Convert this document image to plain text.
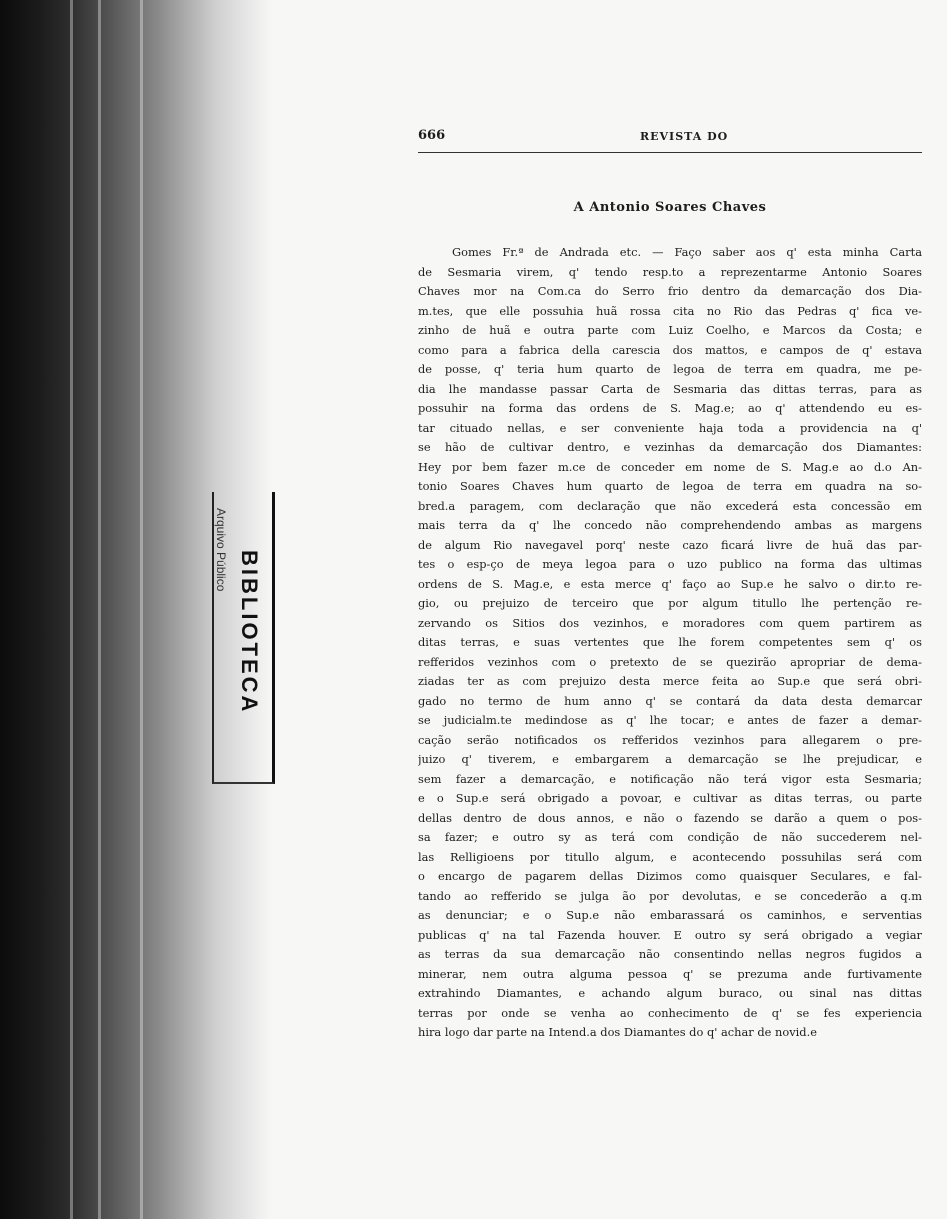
BIBLIOTECA
Arquivo Público
666	REVISTA DO
A Antonio Soares Chaves
Gomes Fr.ª de Andrada etc. — Faço saber aos q' esta minha Carta
de Sesmaria virem, q' tendo resp.to a reprezentarme Antonio Soares
Chaves mor na Com.ca do Serro frio dentro da demarcação dos Dia-
m.tes, que elle possuhia huã rossa cita no Rio das Pedras q' fica ve-
zinho de huã e outra parte com Luiz Coelho, e Marcos da Costa; e
como para a fabrica della carescia dos mattos, e campos de q' estava
de posse, q' teria hum quarto de legoa de terra em quadra, me pe-
dia lhe mandasse passar Carta de Sesmaria das dittas terras, para as
possuhir na forma das ordens de S. Mag.e; ao q' attendendo eu es-
tar cituado nellas, e ser conveniente haja toda a providencia na q'
se hão de cultivar dentro, e vezinhas da demarcação dos Diamantes:
Hey por bem fazer m.ce de conceder em nome de S. Mag.e ao d.o An-
tonio Soares Chaves hum quarto de legoa de terra em quadra na so-
bred.a paragem, com declaração que não excederá esta concessão em
mais terra da q' lhe concedo não comprehendendo ambas as margens
de algum Rio navegavel porq' neste cazo ficará livre de huã das par-
tes o esp-ço de meya legoa para o uzo publico na forma das ultimas
ordens de S. Mag.e, e esta merce q' faço ao Sup.e he salvo o dir.to re-
gio, ou prejuizo de terceiro que por algum titullo lhe pertenção re-
zervando os Sitios dos vezinhos, e moradores com quem partirem as
ditas terras, e suas vertentes que lhe forem competentes sem q' os
refferidos vezinhos com o pretexto de se quezirão apropriar de dema-
ziadas ter as com prejuizo desta merce feita ao Sup.e que será obri-
gado no termo de hum anno q' se contará da data desta demarcar
se judicialm.te medindose as q' lhe tocar; e antes de fazer a demar-
cação serão notificados os refferidos vezinhos para allegarem o pre-
juizo q' tiverem, e embargarem a demarcação se lhe prejudicar, e
sem fazer a demarcação, e notificação não terá vigor esta Sesmaria;
e o Sup.e será obrigado a povoar, e cultivar as ditas terras, ou parte
dellas dentro de dous annos, e não o fazendo se darão a quem o pos-
sa fazer; e outro sy as terá com condição de não succederem nel-
las Relligioens por titullo algum, e acontecendo possuhilas será com
o encargo de pagarem dellas Dizimos como quaisquer Seculares, e fal-
tando ao refferido se julga ão por devolutas, e se concederão a q.m
as denunciar; e o Sup.e não embarassará os caminhos, e serventias
publicas q' na tal Fazenda houver. E outro sy será obrigado a vegiar
as terras da sua demarcação não consentindo nellas negros fugidos a
minerar, nem outra alguma pessoa q' se prezuma ande furtivamente
extrahindo Diamantes, e achando algum buraco, ou sinal nas dittas
terras por onde se venha ao conhecimento de q' se fes experiencia
hira logo dar parte na Intend.a dos Diamantes do q' achar de novid.e
